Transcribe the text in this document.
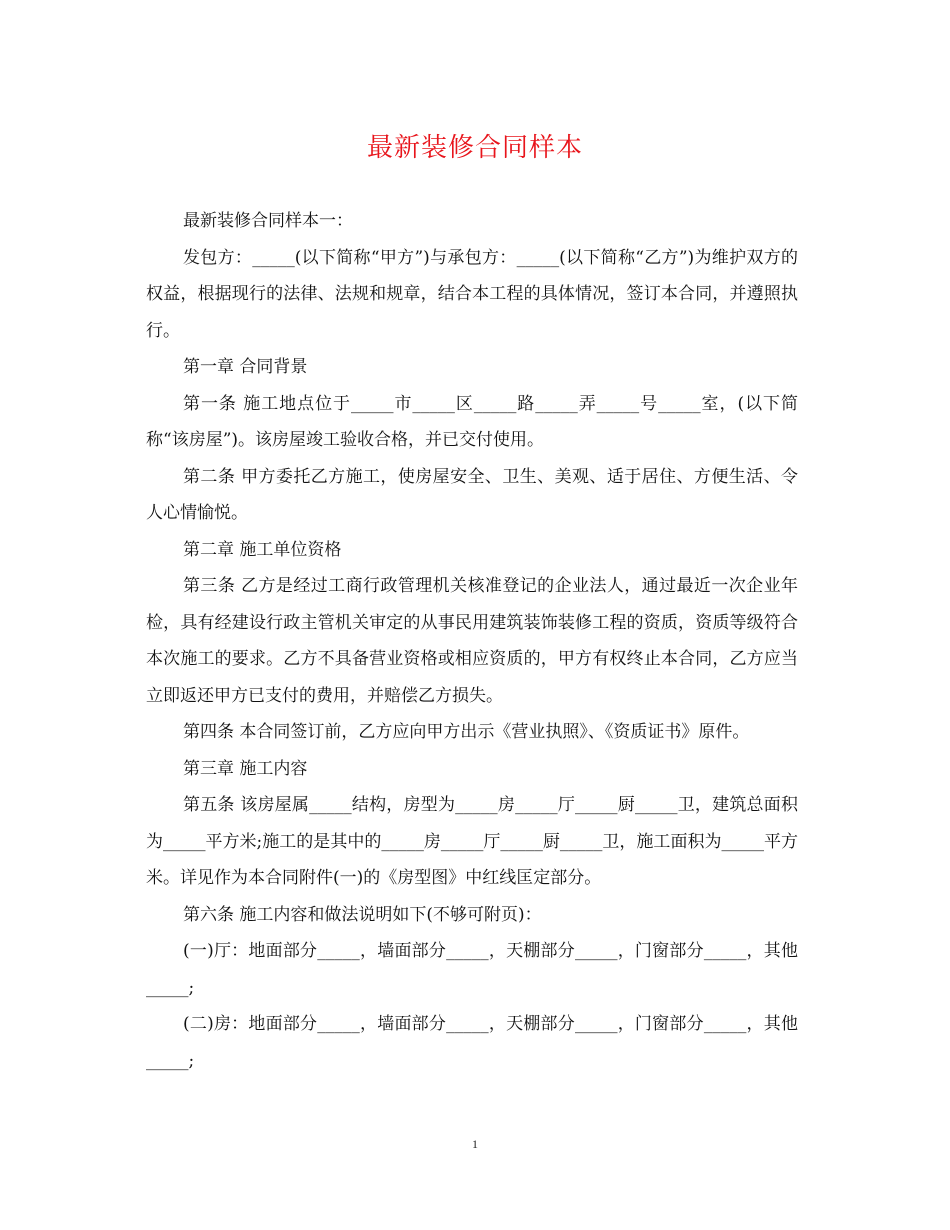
最新装修合同样本

最新装修合同样本一：

发包方：_____(以下简称“甲方”)与承包方：_____(以下简称“乙方”)为维护双方的权益，根据现行的法律、法规和规章，结合本工程的具体情况，签订本合同，并遵照执行。

第一章 合同背景

第一条 施工地点位于_____市_____区_____路_____弄_____号_____室，(以下简称“该房屋”)。该房屋竣工验收合格，并已交付使用。

第二条 甲方委托乙方施工，使房屋安全、卫生、美观、适于居住、方便生活、令人心情愉悦。

第二章 施工单位资格

第三条 乙方是经过工商行政管理机关核准登记的企业法人，通过最近一次企业年检，具有经建设行政主管机关审定的从事民用建筑装饰装修工程的资质，资质等级符合本次施工的要求。乙方不具备营业资格或相应资质的，甲方有权终止本合同，乙方应当立即返还甲方已支付的费用，并赔偿乙方损失。

第四条 本合同签订前，乙方应向甲方出示《营业执照》、《资质证书》原件。

第三章 施工内容

第五条 该房屋属_____结构，房型为_____房_____厅_____厨_____卫，建筑总面积为_____平方米;施工的是其中的_____房_____厅_____厨_____卫，施工面积为_____平方米。详见作为本合同附件(一)的《房型图》中红线匡定部分。

第六条 施工内容和做法说明如下(不够可附页)：

(一)厅：地面部分_____，墙面部分_____，天棚部分_____，门窗部分_____，其他_____;

(二)房：地面部分_____，墙面部分_____，天棚部分_____，门窗部分_____，其他_____;

1
